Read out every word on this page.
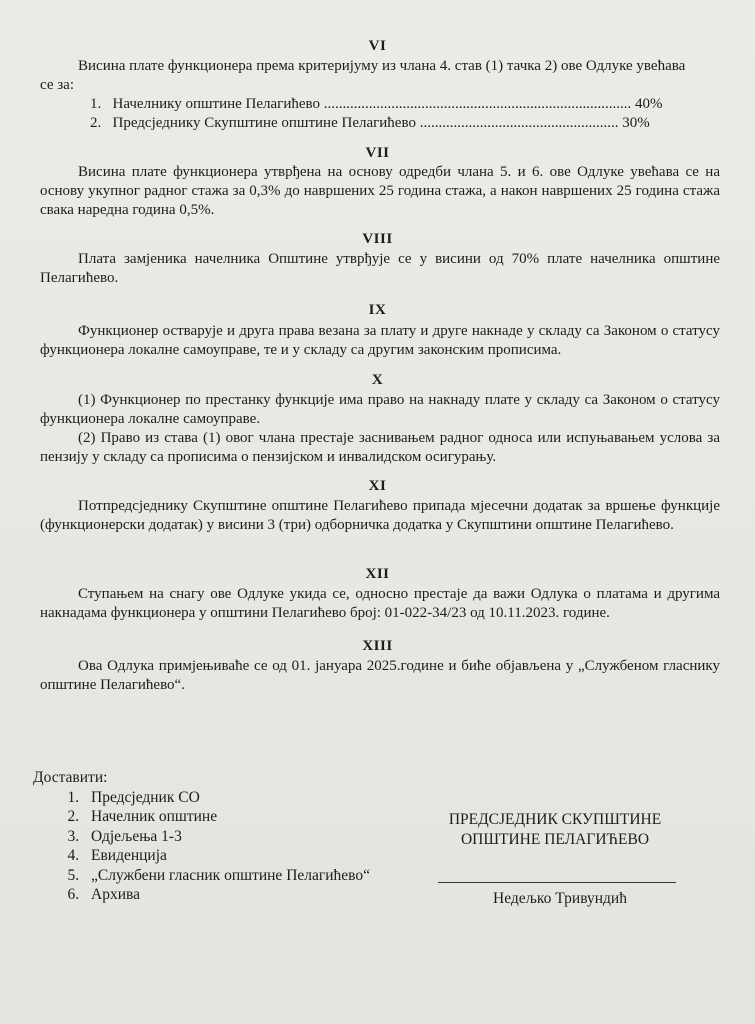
VI
Висина плате функционера према критеријуму из члана 4. став (1) тачка 2) ове Одлуке увећава
се за:
1. Начелнику општине Пелагићево .................................................................................. 40%
2. Предсједнику Скупштине општине Пелагићево ..................................................... 30%
VII
Висина плате функционера утврђена на основу одредби члана 5. и 6. ове Одлуке увећава се на основу укупног радног стажа за 0,3% до навршених 25 година стажа, а након навршених 25 година стажа свака наредна година 0,5%.
VIII
Плата замјеника начелника Општине утврђује се у висини од 70% плате начелника општине Пелагићево.
IX
Функционер остварује и друга права везана за плату и друге накнаде у складу са Законом о статусу функционера локалне самоуправе, те и у складу са другим законским прописима.
X
(1) Функционер по престанку функције има право на накнаду плате у складу са Законом о статусу функционера локалне самоуправе.
(2) Право из става (1) овог члана престаје заснивањем радног односа или испуњавањем услова за пензију у складу са прописима о пензијском и инвалидском осигурању.
XI
Потпредсједнику Скупштине општине Пелагићево припада мјесечни додатак за вршење функције (функционерски додатак) у висини 3 (три) одборничка додатка у Скупштини општине Пелагићево.
XII
Ступањем на снагу ове Одлуке укида се, односно престаје да важи Одлука о платама и другима накнадама функционера у општини Пелагићево број: 01-022-34/23 од 10.11.2023. године.
XIII
Ова Одлука примјењиваће се од 01. јануара 2025.године и биће објављена у „Службеном гласнику општине Пелагићево“.
Доставити:
1. Предсједник СО
2. Начелник општине
3. Одјељења 1-3
4. Евиденција
5. „Службени гласник општине Пелагићево“
6. Архива
ПРЕДСЈЕДНИК СКУПШТИНЕ
ОПШТИНЕ ПЕЛАГИЋЕВО
Недељко Тривундић
